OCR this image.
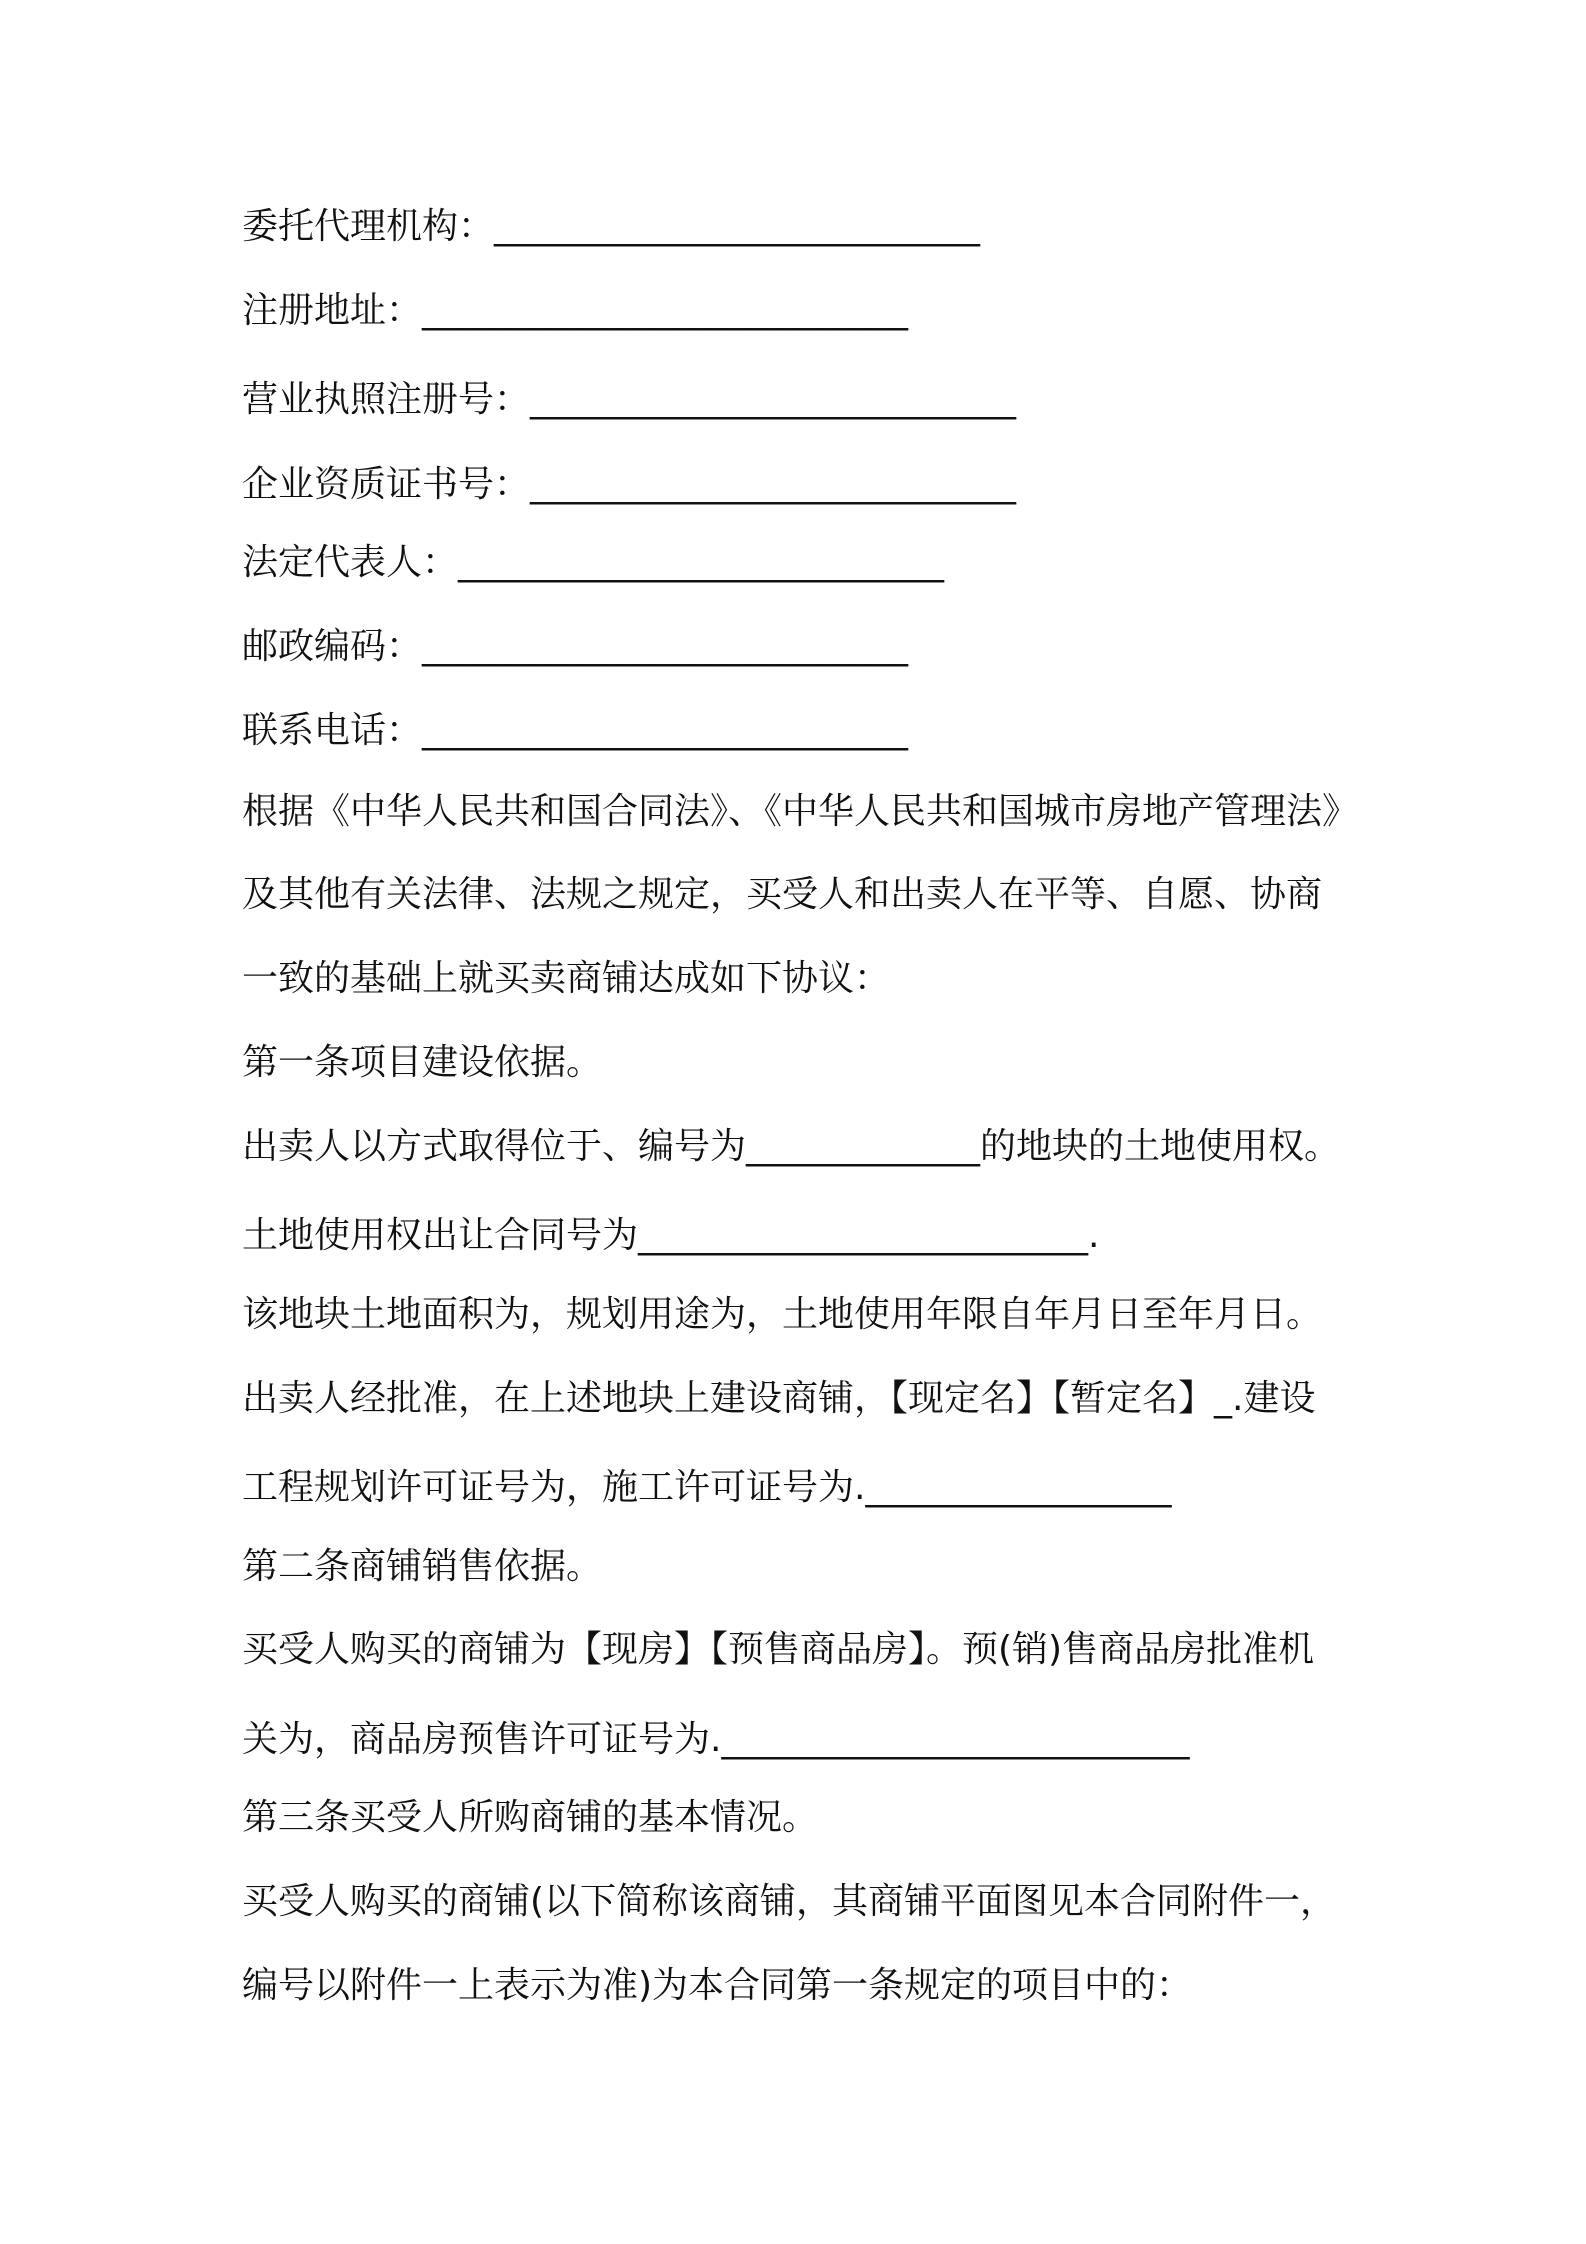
委托代理机构：___________________________
注册地址：___________________________
营业执照注册号：___________________________
企业资质证书号：___________________________
法定代表人：___________________________
邮政编码：___________________________
联系电话：___________________________
根据《中华人民共和国合同法》、《中华人民共和国城市房地产管理法》
及其他有关法律、法规之规定，买受人和出卖人在平等、自愿、协商
一致的基础上就买卖商铺达成如下协议：
第一条项目建设依据。
出卖人以方式取得位于、编号为_____________的地块的土地使用权。
土地使用权出让合同号为_________________________.
该地块土地面积为，规划用途为，土地使用年限自年月日至年月日。
出卖人经批准，在上述地块上建设商铺，【现定名】【暂定名】_.建设
工程规划许可证号为，施工许可证号为._________________
第二条商铺销售依据。
买受人购买的商铺为【现房】【预售商品房】。预(销)售商品房批准机
关为，商品房预售许可证号为.__________________________
第三条买受人所购商铺的基本情况。
买受人购买的商铺(以下简称该商铺，其商铺平面图见本合同附件一，
编号以附件一上表示为准)为本合同第一条规定的项目中的：
